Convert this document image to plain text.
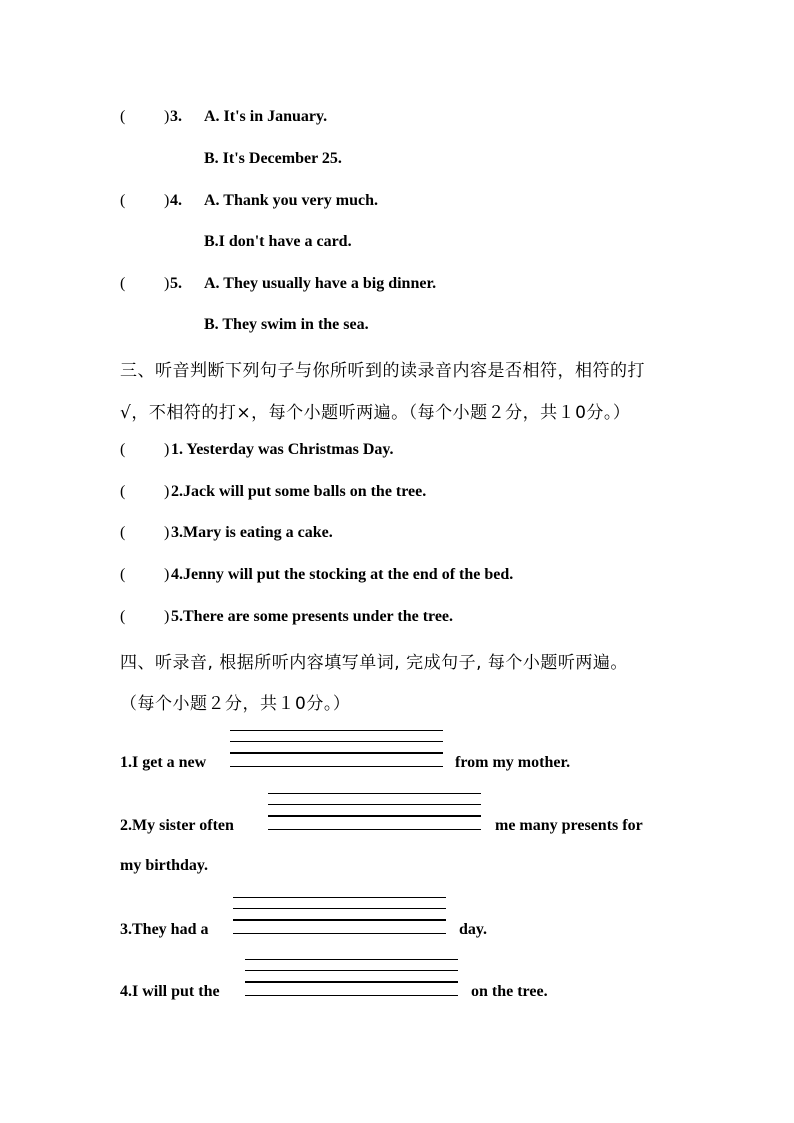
( ) 3. A. It's in January.
B. It's December 25.
( ) 4. A. Thank you very much.
B.I don't have a card.
( ) 5. A. They usually have a big dinner.
B. They swim in the sea.
三、听音判断下列句子与你所听到的读录音内容是否相符，相符的打
√，不相符的打×，每个小题听两遍。（每个小题２分，共１0分。）
( ) 1. Yesterday was Christmas Day.
( ) 2.Jack will put some balls on the tree.
( ) 3.Mary is eating a cake.
( ) 4.Jenny will put the stocking at the end of the bed.
( ) 5.There are some presents under the tree.
四、听录音, 根据所听内容填写单词, 完成句子, 每个小题听两遍。
（每个小题２分，共１0分。）
1.I get a new	from my mother.
2.My sister often	me many presents for
my birthday.
3.They had a	day.
4.I will put the	on the tree.
